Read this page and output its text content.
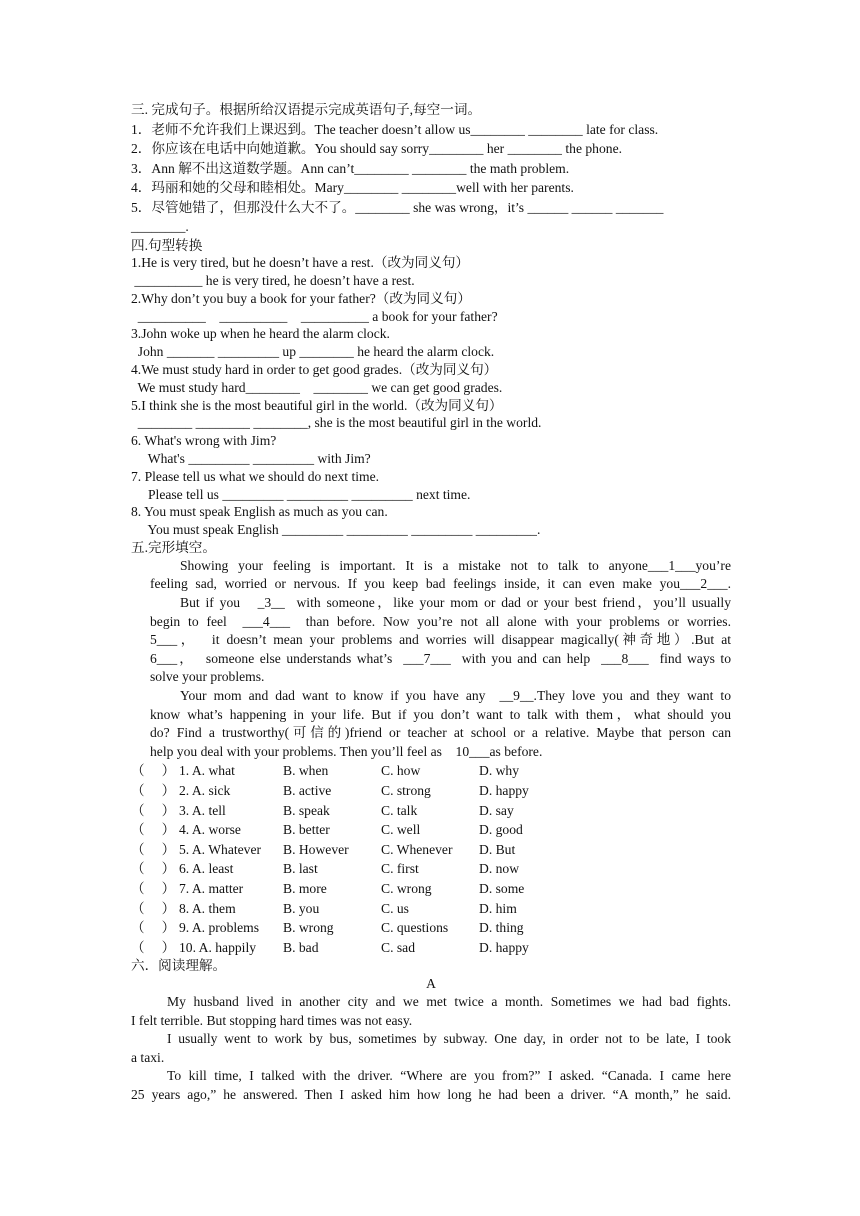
三. 完成句子。根据所给汉语提示完成英语句子,每空一词。
1．老师不允许我们上课迟到。The teacher doesn’t allow us________ ________ late for class.
2．你应该在电话中向她道歉。You should say sorry________ her ________ the phone.
3．Ann 解不出这道数学题。Ann can’t________ ________ the math problem.
4．玛丽和她的父母和睦相处。Mary________ ________well with her parents.
5．尽管她错了，但那没什么大不了。________ she was wrong，it’s ______ ______ _______
________.
四.句型转换
1.He is very tired, but he doesn’t have a rest.（改为同义句）
__________ he is very tired, he doesn’t have a rest.
2.Why don’t you buy a book for your father?（改为同义句）
__________    __________    __________ a book for your father?
3.John woke up when he heard the alarm clock.
John _______ _________ up ________ he heard the alarm clock.
4.We must study hard in order to get good grades.（改为同义句）
We must study hard________    ________ we can get good grades.
5.I think she is the most beautiful girl in the world.（改为同义句）
________ ________ ________, she is the most beautiful girl in the world.
6. What's wrong with Jim?
What's _________ _________ with Jim?
7. Please tell us what we should do next time.
Please tell us _________ _________ _________ next time.
8. You must speak English as much as you can.
You must speak English _________ _________ _________ _________.
五.完形填空。
Showing your feeling is important. It is a mistake not to talk to anyone___1___you’re
feeling sad, worried or nervous. If you keep bad feelings inside, it can even make you___2___.
But if you   _3__  with someone，like your mom or dad or your best friend，you’ll usually
begin to feel  ___4___  than before. Now you’re not all alone with your problems or worries.
5___，  it doesn’t mean your problems and worries will disappear magically(神奇地）.But at
6___，  someone else understands what’s  ___7___  with you and can help  ___8___  find ways to
solve your problems.
Your mom and dad want to know if you have any  __9__.They love you and they want to
know what’s happening in your life. But if you don’t want to talk with them，what should you
do? Find a trustworthy(可信的)friend or teacher at school or a relative. Maybe that person can
help you deal with your problems. Then you’ll feel as    10___as before.
（     ） 1. A. what	B. when	C. how	D. why
（     ） 2. A. sick	B. active	C. strong	D. happy
（     ） 3. A. tell	B. speak	C. talk	D. say
（     ） 4. A. worse	B. better	C. well	D. good
（     ） 5. A. Whatever	B. However	C. Whenever	D. But
（     ） 6. A. least	B. last	C. first	D. now
（     ） 7. A. matter	B. more	C. wrong	D. some
（     ） 8. A. them	B. you	C. us	D. him
（     ） 9. A. problems	B. wrong	C. questions	D. thing
（     ） 10. A. happily	B. bad	C. sad	D. happy
六．阅读理解。
A
My husband lived in another city and we met twice a month. Sometimes we had bad fights.
I felt terrible. But stopping hard times was not easy.
I usually went to work by bus, sometimes by subway. One day, in order not to be late, I took
a taxi.
To kill time, I talked with the driver. “Where are you from?” I asked. “Canada. I came here
25 years ago,” he answered. Then I asked him how long he had been a driver. “A month,” he said.
